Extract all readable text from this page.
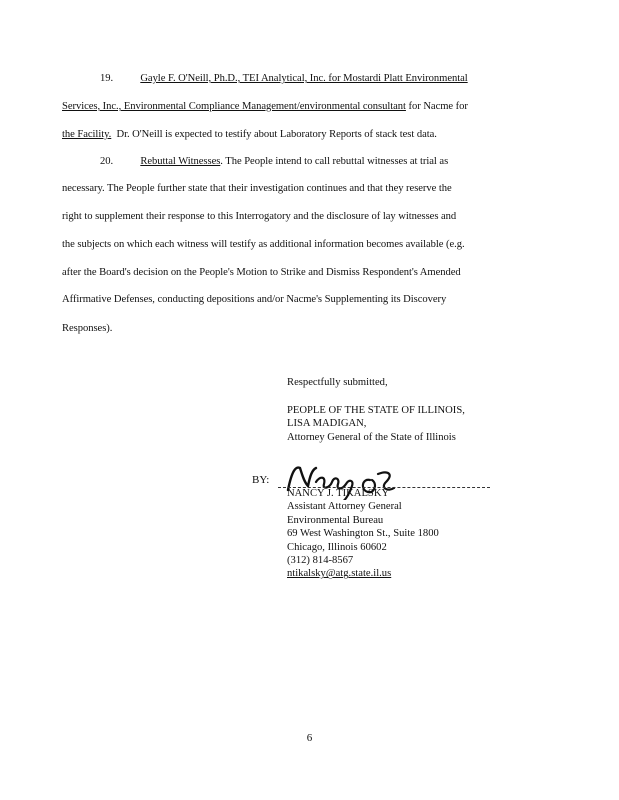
19.	Gayle F. O'Neill, Ph.D., TEI Analytical, Inc. for Mostardi Platt Environmental
Services, Inc., Environmental Compliance Management/environmental consultant for Nacme for
the Facility.  Dr. O'Neill is expected to testify about Laboratory Reports of stack test data.
20.	Rebuttal Witnesses. The People intend to call rebuttal witnesses at trial as
necessary. The People further state that their investigation continues and that they reserve the
right to supplement their response to this Interrogatory and the disclosure of lay witnesses and
the subjects on which each witness will testify as additional information becomes available (e.g.
after the Board's decision on the People's Motion to Strike and Dismiss Respondent's Amended
Affirmative Defenses, conducting depositions and/or Nacme's Supplementing its Discovery
Responses).
Respectfully submitted,
PEOPLE OF THE STATE OF ILLINOIS,
LISA MADIGAN,
Attorney General of the State of Illinois
BY:
NANCY J. TIKALSKY
Assistant Attorney General
Environmental Bureau
69 West Washington St., Suite 1800
Chicago, Illinois 60602
(312) 814-8567
ntikalsky@atg.state.il.us
6
